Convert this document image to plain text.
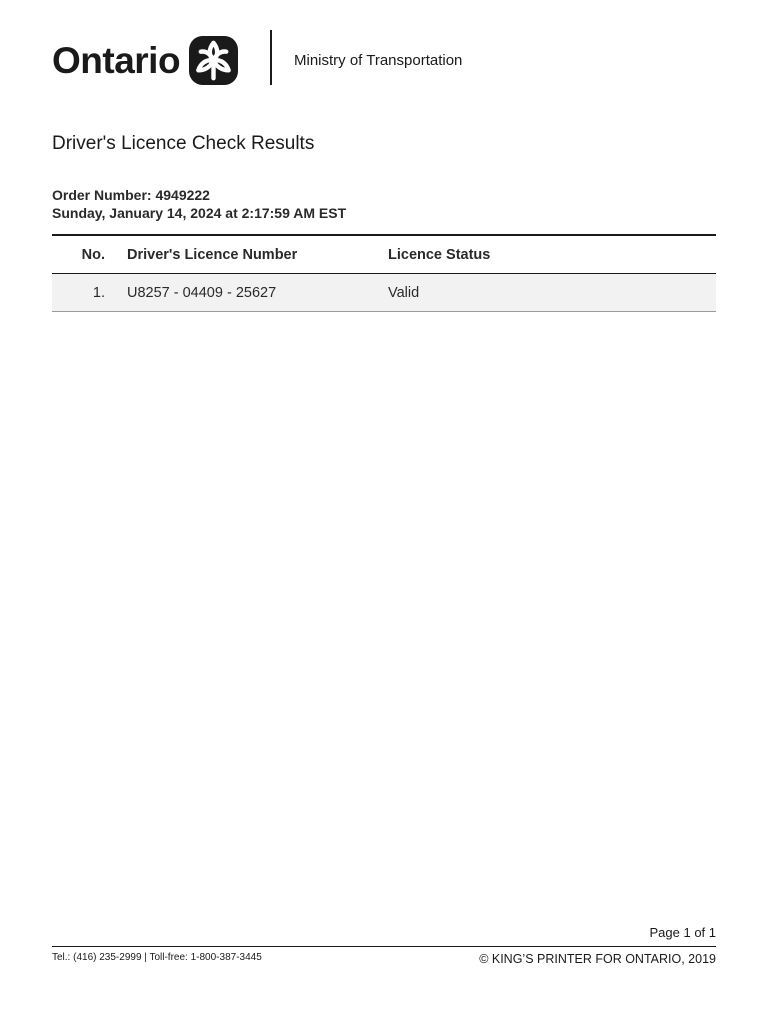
Ontario	Ministry of Transportation
Driver's Licence Check Results
Order Number: 4949222
Sunday, January 14, 2024 at 2:17:59 AM EST
No.	Driver's Licence Number	Licence Status
1.	U8257 - 04409 - 25627	Valid
Page 1 of 1
Tel.: (416) 235-2999 | Toll-free: 1-800-387-3445	© KING’S PRINTER FOR ONTARIO, 2019
